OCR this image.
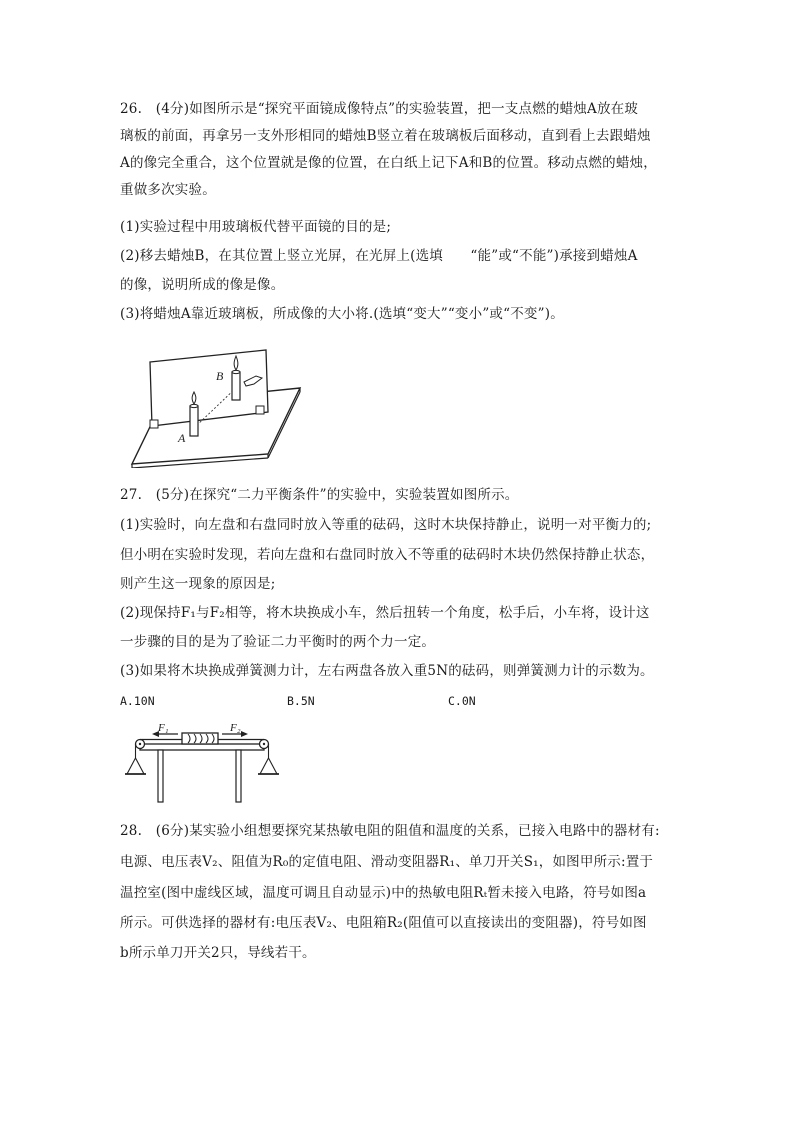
26.　(4分)如图所示是“探究平面镜成像特点”的实验装置，把一支点燃的蜡烛A放在玻
璃板的前面，再拿另一支外形相同的蜡烛B竖立着在玻璃板后面移动，直到看上去跟蜡烛
A的像完全重合，这个位置就是像的位置，在白纸上记下A和B的位置。移动点燃的蜡烛，
重做多次实验。
(1)实验过程中用玻璃板代替平面镜的目的是;
(2)移去蜡烛B，在其位置上竖立光屏，在光屏上(选填　　“能”或“不能”)承接到蜡烛A
的像，说明所成的像是像。
(3)将蜡烛A靠近玻璃板，所成像的大小将.(选填“变大”“变小”或“不变”)。
A
B
27.　(5分)在探究“二力平衡条件”的实验中，实验装置如图所示。
(1)实验时，向左盘和右盘同时放入等重的砝码，这时木块保持静止，说明一对平衡力的;
但小明在实验时发现，若向左盘和右盘同时放入不等重的砝码时木块仍然保持静止状态，
则产生这一现象的原因是;
(2)现保持F₁与F₂相等，将木块换成小车，然后扭转一个角度，松手后，小车将，设计这
一步骤的目的是为了验证二力平衡时的两个力一定。
(3)如果将木块换成弹簧测力计，左右两盘各放入重5N的砝码，则弹簧测力计的示数为。
A.10N	B.5N	C.0N
F₁	F₂
28.　(6分)某实验小组想要探究某热敏电阻的阻值和温度的关系，已接入电路中的器材有:
电源、电压表V₂、阻值为R₀的定值电阻、滑动变阻器R₁、单刀开关S₁，如图甲所示:置于
温控室(图中虚线区域，温度可调且自动显示)中的热敏电阻Rₜ暂未接入电路，符号如图a
所示。可供选择的器材有:电压表V₂、电阻箱R₂(阻值可以直接读出的变阻器)，符号如图
b所示单刀开关2只，导线若干。
